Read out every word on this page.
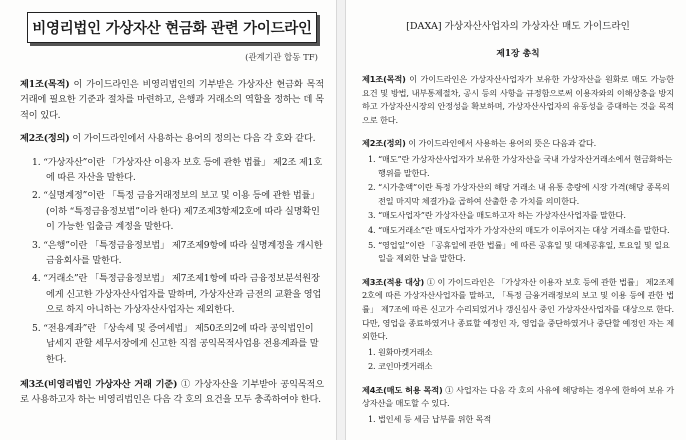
비영리법인 가상자산 현금화 관련 가이드라인
(관계기관 합동 TF)

제1조(목적) 이 가이드라인은 비영리법인의 기부받은 가상자산 현금화 목적 거래에 필요한 기준과 절차를 마련하고, 은행과 거래소의 역할을 정하는 데 목적이 있다.

제2조(정의) 이 가이드라인에서 사용하는 용어의 정의는 다음 각 호와 같다.

1. “가상자산”이란 「가상자산 이용자 보호 등에 관한 법률」 제2조 제1호에 따른 자산을 말한다.
2. “실명계정”이란 「특정 금융거래정보의 보고 및 이용 등에 관한 법률」(이하 “특정금융정보법”이라 한다) 제7조제3항제2호에 따라 실명확인이 가능한 입출금 계정을 말한다.
3. “은행”이란 「특정금융정보법」 제7조제9항에 따라 실명계정을 개시한 금융회사를 말한다.
4. “거래소”란 「특정금융정보법」 제7조제1항에 따라 금융정보분석원장에게 신고한 가상자산사업자를 말하며, 가상자산과 금전의 교환을 영업으로 하지 아니하는 가상자산사업자는 제외한다.
5. “전용계좌”란 「상속세 및 증여세법」 제50조의2에 따라 공익법인이 납세지 관할 세무서장에게 신고한 직접 공익목적사업용 전용계좌를 말한다.

제3조(비영리법인 가상자산 거래 기준) ① 가상자산을 기부받아 공익목적으로 사용하고자 하는 비영리법인은 다음 각 호의 요건을 모두 충족하여야 한다.

[DAXA] 가상자산사업자의 가상자산 매도 가이드라인
제1장 총칙

제1조(목적) 이 가이드라인은 가상자산사업자가 보유한 가상자산을 원화로 매도 가능한 요건 및 방법, 내부통제절차, 공시 등의 사항을 규정함으로써 이용자와의 이해상충을 방지하고 가상자산시장의 안정성을 확보하며, 가상자산사업자의 유동성을 증대하는 것을 목적으로 한다.

제2조(정의) 이 가이드라인에서 사용하는 용어의 뜻은 다음과 같다.

1. “매도”란 가상자산사업자가 보유한 가상자산을 국내 가상자산거래소에서 현금화하는 행위를 말한다.
2. “시가총액”이란 특정 가상자산의 해당 거래소 내 유통 총량에 시장 가격(해당 종목의 전일 마지막 체결가)을 곱하여 산출한 총 가치를 의미한다.
3. “매도사업자”란 가상자산을 매도하고자 하는 가상자산사업자를 말한다.
4. “매도거래소”란 매도사업자가 가상자산의 매도가 이루어지는 대상 거래소를 말한다.
5. “영업일”이란 「공휴일에 관한 법률」에 따른 공휴일 및 대체공휴일, 토요일 및 일요일을 제외한 날을 말한다.

제3조(적용 대상) ① 이 가이드라인은 「가상자산 이용자 보호 등에 관한 법률」 제2조제2호에 따른 가상자산사업자를 말하고, 「특정 금융거래정보의 보고 및 이용 등에 관한 법률」 제7조에 따른 신고가 수리되었거나 갱신심사 중인 가상자산사업자를 대상으로 한다. 다만, 영업을 종료하였거나 종료할 예정인 자, 영업을 중단하였거나 중단할 예정인 자는 제외한다.

1. 원화마켓거래소
2. 코인마켓거래소

제4조(매도 허용 목적) ① 사업자는 다음 각 호의 사유에 해당하는 경우에 한하여 보유 가상자산을 매도할 수 있다.

1. 법인세 등 세금 납부를 위한 목적
